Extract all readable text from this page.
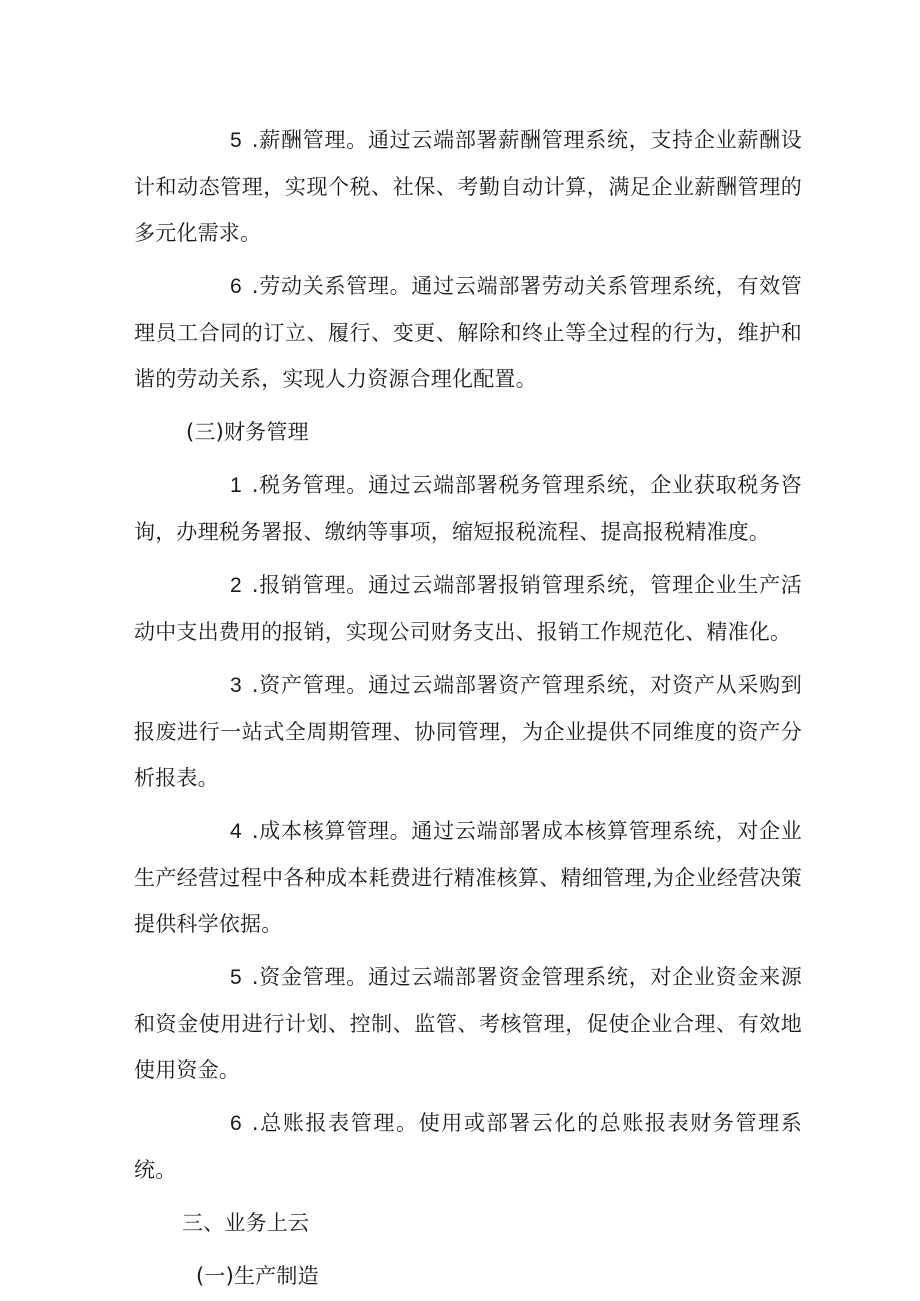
5 .薪酬管理。通过云端部署薪酬管理系统，支持企业薪酬设计和动态管理，实现个税、社保、考勤自动计算，满足企业薪酬管理的多元化需求。

6 .劳动关系管理。通过云端部署劳动关系管理系统，有效管理员工合同的订立、履行、变更、解除和终止等全过程的行为，维护和谐的劳动关系，实现人力资源合理化配置。

(三)财务管理

1 .税务管理。通过云端部署税务管理系统，企业获取税务咨询，办理税务署报、缴纳等事项，缩短报税流程、提高报税精准度。

2 .报销管理。通过云端部署报销管理系统，管理企业生产活动中支出费用的报销，实现公司财务支出、报销工作规范化、精准化。

3 .资产管理。通过云端部署资产管理系统，对资产从采购到报废进行一站式全周期管理、协同管理，为企业提供不同维度的资产分析报表。

4 .成本核算管理。通过云端部署成本核算管理系统，对企业生产经营过程中各种成本耗费进行精准核算、精细管理,为企业经营决策提供科学依据。

5 .资金管理。通过云端部署资金管理系统，对企业资金来源和资金使用进行计划、控制、监管、考核管理，促使企业合理、有效地使用资金。

6 .总账报表管理。使用或部署云化的总账报表财务管理系统。

三、业务上云

(一)生产制造
